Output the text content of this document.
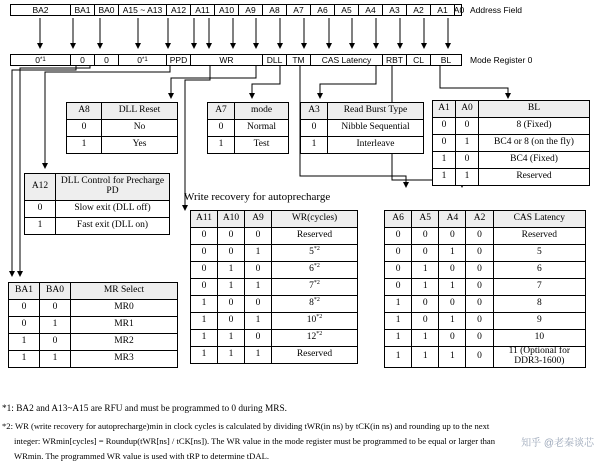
BA2	BA1 BA0 A15 ~ A13	A12	A11	A10	A9	A8	A7	A6	A5	A4	A3	A2	A1 A0 Address Field
0 *1	0	0	0 *1	PPD	WR	DLL	TM	CAS Latency	RBT	CL	BL	Mode Register 0
A8	DLL Reset
0	No
1	Yes
A7	mode
0	Normal
1	Test
A3	Read Burst Type
0	Nibble Sequential
1	Interleave
A1	A0	BL
0	0	8 (Fixed)
0	1	BC4 or 8 (on the fly)
1	0	BC4 (Fixed)
1	1	Reserved
A12	DLL Control for Precharge PD
0	Slow exit (DLL off)
1	Fast exit (DLL on)
Write recovery for autoprecharge
A11	A10	A9	WR(cycles)
0	0	0	Reserved
0	0	1	5$^{*2}$
0	1	0	6$^{*2}$
0	1	1	7$^{*2}$
1	0	0	8$^{*2}$
1	0	1	10$^{*2}$
1	1	0	12$^{*2}$
1	1	1	Reserved
A6	A5	A4	A2	CAS Latency
0	0	0	0	Reserved
0	0	1	0	5
0	1	0	0	6
0	1	1	0	7
1	0	0	0	8
1	0	1	0	9
1	1	0	0	10
1	1	1	0	11 (Optional for DDR3-1600)
BA1	BA0	MR Select
0	0	MR0
0	1	MR1
1	0	MR2
1	1	MR3
*1: BA2 and A13~A15 are RFU and must be programmed to 0 during MRS.
*2: WR (write recovery for autoprecharge)min in clock cycles is calculated by dividing tWR(in ns) by tCK(in ns) and rounding up to the next
integer: WRmin[cycles] = Roundup(tWR[ns] / tCK[ns]). The WR value in the mode register must be programmed to be equal or larger than
WRmin. The programmed WR value is used with tRP to determine tDAL.
知乎 @老秦谈芯
